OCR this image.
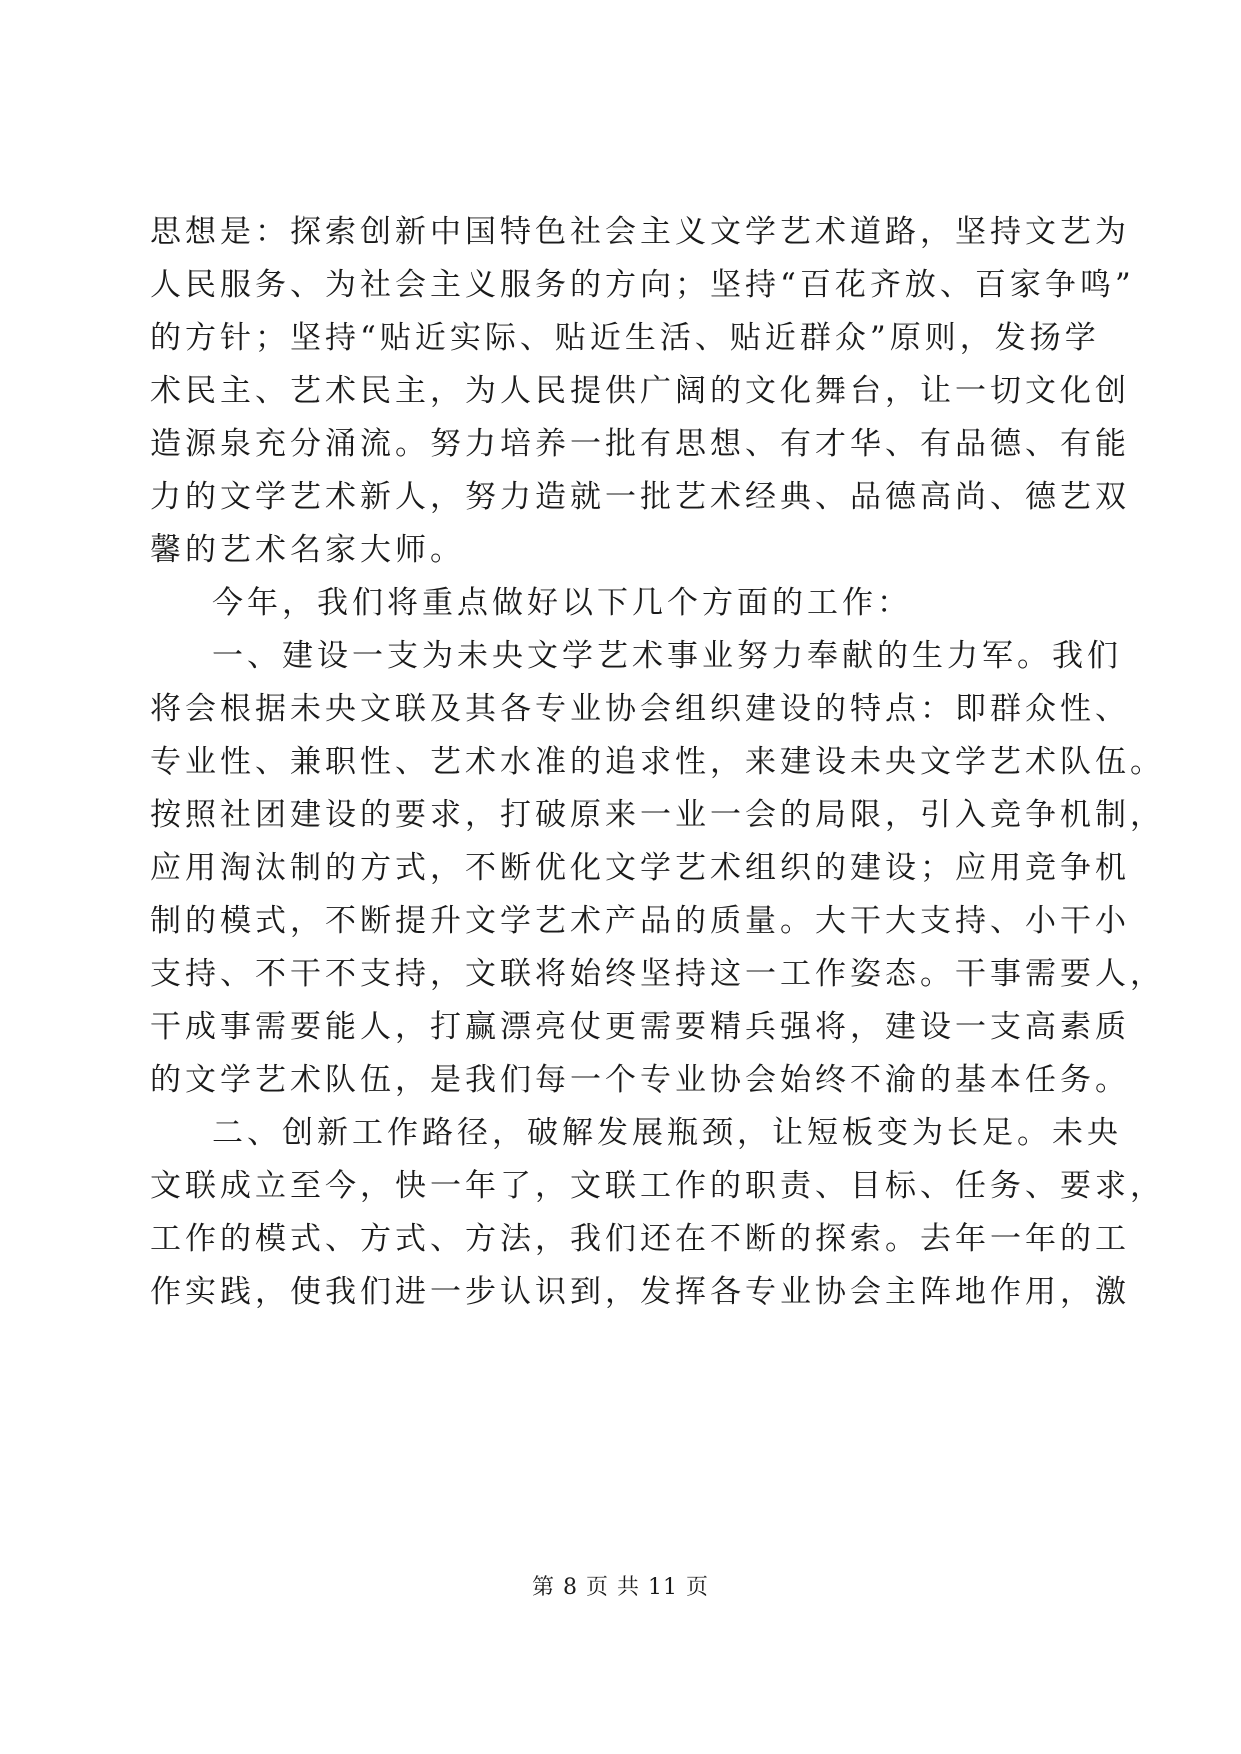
思想是：探索创新中国特色社会主义文学艺术道路，坚持文艺为
人民服务、为社会主义服务的方向；坚持“百花齐放、百家争鸣”
的方针；坚持“贴近实际、贴近生活、贴近群众”原则，发扬学
术民主、艺术民主，为人民提供广阔的文化舞台，让一切文化创
造源泉充分涌流。努力培养一批有思想、有才华、有品德、有能
力的文学艺术新人，努力造就一批艺术经典、品德高尚、德艺双
馨的艺术名家大师。
今年，我们将重点做好以下几个方面的工作：
一、建设一支为未央文学艺术事业努力奉献的生力军。我们
将会根据未央文联及其各专业协会组织建设的特点：即群众性、
专业性、兼职性、艺术水准的追求性，来建设未央文学艺术队伍。
按照社团建设的要求，打破原来一业一会的局限，引入竞争机制，
应用淘汰制的方式，不断优化文学艺术组织的建设；应用竞争机
制的模式，不断提升文学艺术产品的质量。大干大支持、小干小
支持、不干不支持，文联将始终坚持这一工作姿态。干事需要人，
干成事需要能人，打赢漂亮仗更需要精兵强将，建设一支高素质
的文学艺术队伍，是我们每一个专业协会始终不渝的基本任务。
二、创新工作路径，破解发展瓶颈，让短板变为长足。未央
文联成立至今，快一年了，文联工作的职责、目标、任务、要求，
工作的模式、方式、方法，我们还在不断的探索。去年一年的工
作实践，使我们进一步认识到，发挥各专业协会主阵地作用，激
第 8 页 共 11 页
